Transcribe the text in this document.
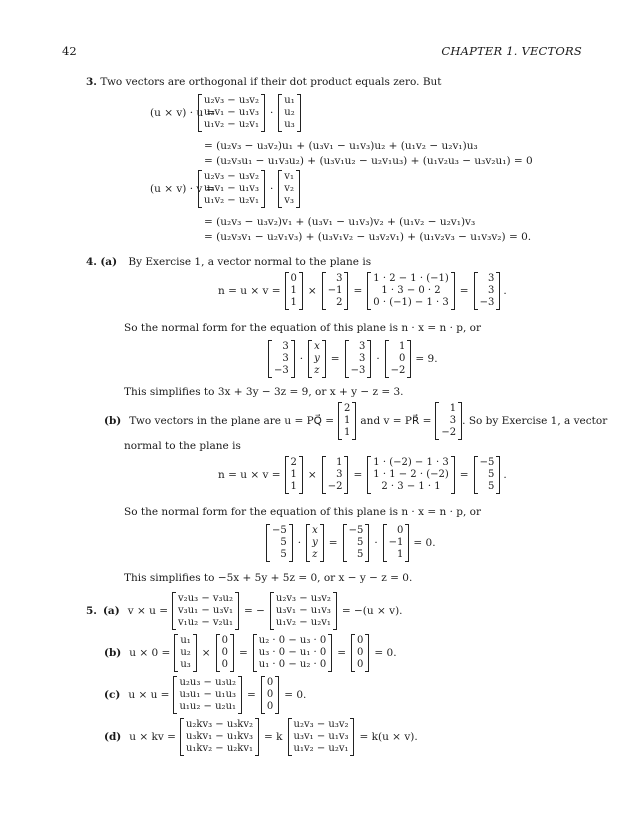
42	CHAPTER 1. VECTORS
3. Two vectors are orthogonal if their dot product equals zero. But
(u × v) · u =
u₂v₃ − u₃v₂
u₃v₁ − u₁v₃
u₁v₂ − u₂v₁
·
u₁
u₂
u₃
= (u₂v₃ − u₃v₂)u₁ + (u₃v₁ − u₁v₃)u₂ + (u₁v₂ − u₂v₁)u₃
= (u₂v₃u₁ − u₁v₃u₂) + (u₃v₁u₂ − u₂v₁u₃) + (u₁v₂u₃ − u₃v₂u₁) = 0
(u × v) · v =
u₂v₃ − u₃v₂
u₃v₁ − u₁v₃
u₁v₂ − u₂v₁
·
v₁
v₂
v₃
= (u₂v₃ − u₃v₂)v₁ + (u₃v₁ − u₁v₃)v₂ + (u₁v₂ − u₂v₁)v₃
= (u₂v₃v₁ − u₂v₁v₃) + (u₃v₁v₂ − u₃v₂v₁) + (u₁v₂v₃ − u₁v₃v₂) = 0.
4. (a) By Exercise 1, a vector normal to the plane is
n = u × v =
0
1
1
×
3
−1
2
=
1 · 2 − 1 · (−1)
1 · 3 − 0 · 2
0 · (−1) − 1 · 3
=
3
3
−3
.
So the normal form for the equation of this plane is n · x = n · p, or
3
3
−3
·
x
y
z
=
3
3
−3
·
1
0
−2
= 9.
This simplifies to 3x + 3y − 3z = 9, or x + y − z = 3.
(b) Two vectors in the plane are u = PQ⃗ =
2
1
1
and v = PR⃗ =
1
3
−2
. So by Exercise 1, a vector
normal to the plane is
n = u × v =
2
1
1
×
1
3
−2
=
1 · (−2) − 1 · 3
1 · 1 − 2 · (−2)
2 · 3 − 1 · 1
=
−5
5
5
.
So the normal form for the equation of this plane is n · x = n · p, or
−5
5
5
·
x
y
z
=
−5
5
5
·
0
−1
1
= 0.
This simplifies to −5x + 5y + 5z = 0, or x − y − z = 0.
5. (a) v × u =
v₂u₃ − v₃u₂
v₃u₁ − u₃v₁
v₁u₂ − v₂u₁
= −
u₂v₃ − u₃v₂
u₃v₁ − u₁v₃
u₁v₂ − u₂v₁
= −(u × v).
(b) u × 0 =
u₁
u₂
u₃
×
0
0
0
=
u₂ · 0 − u₃ · 0
u₃ · 0 − u₁ · 0
u₁ · 0 − u₂ · 0
=
0
0
0
= 0.
(c) u × u =
u₂u₃ − u₃u₂
u₃u₁ − u₁u₃
u₁u₂ − u₂u₁
=
0
0
0
= 0.
(d) u × kv =
u₂kv₃ − u₃kv₂
u₃kv₁ − u₁kv₃
u₁kv₂ − u₂kv₁
= k
u₂v₃ − u₃v₂
u₃v₁ − u₁v₃
u₁v₂ − u₂v₁
= k(u × v).
